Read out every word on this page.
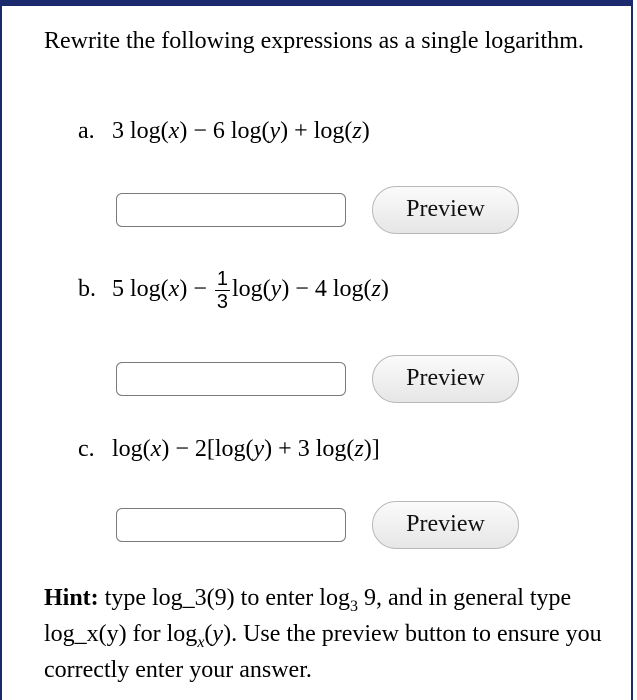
Rewrite the following expressions as a single logarithm.

a. 3 log(x) − 6 log(y) + log(z)
Preview
b. 5 $\log(x) - \frac{1}{3} \log(y) - 4$ log(z)
Preview
c. log(x) − 2[log(y) + 3 log(z)]
Preview
Hint: type log_3(9) to enter $\log_3 9$, and in general type log_x(y) for $\log_x(y)$. Use the preview button to ensure you correctly enter your answer.
